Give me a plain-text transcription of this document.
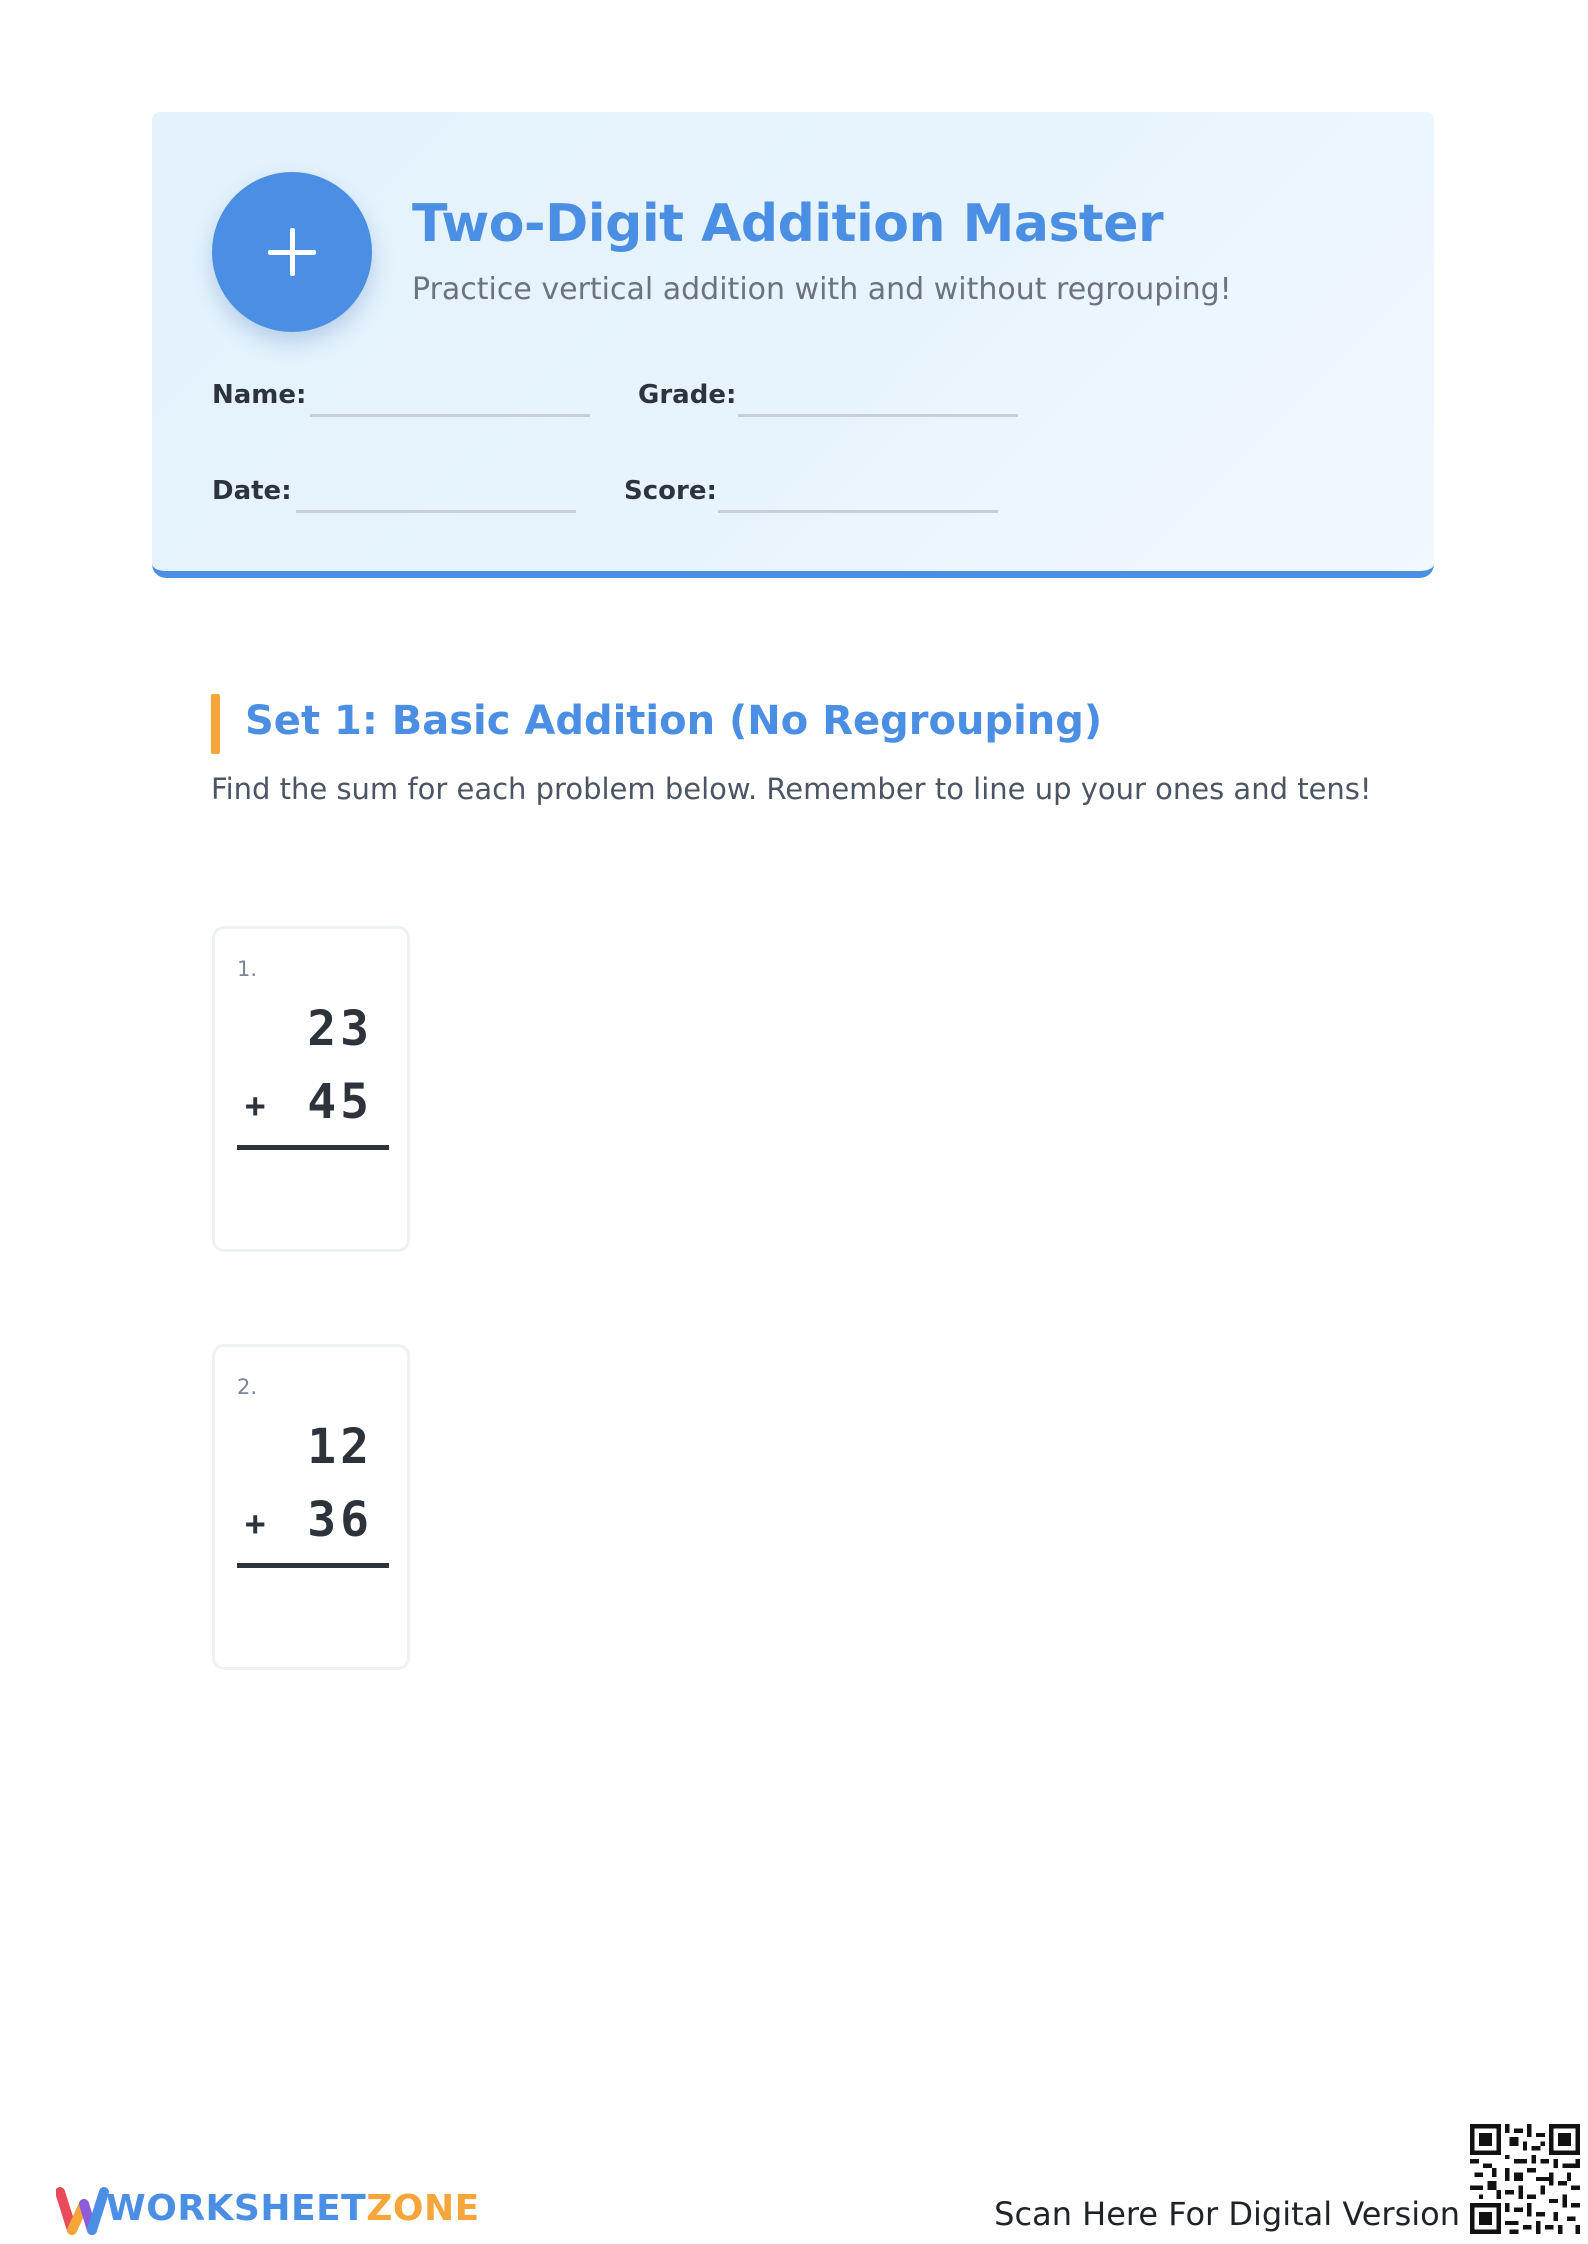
Two-Digit Addition Master
Practice vertical addition with and without regrouping!
Name:	Grade:
Date:	Score:
Set 1: Basic Addition (No Regrouping)
Find the sum for each problem below. Remember to line up your ones and tens!
1.
23
+ 45
2.
12
+ 36
WORKSHEETZONE	Scan Here For Digital Version
